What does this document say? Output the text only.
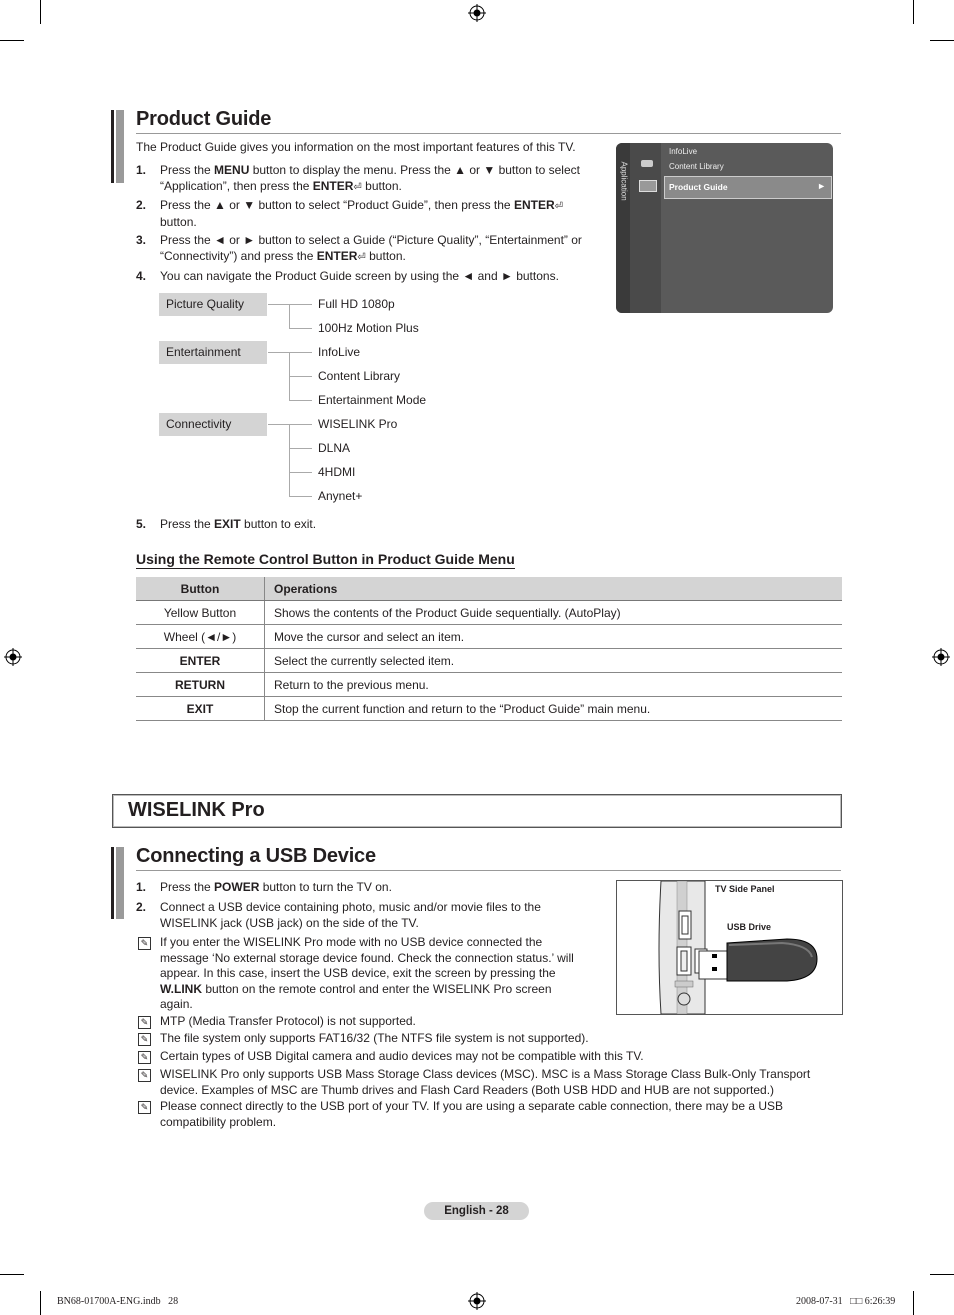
Product Guide
The Product Guide gives you information on the most important features of this TV.
1. Press the MENU button to display the menu. Press the ▲ or ▼ button to select “Application”, then press the ENTER⏎ button.
2. Press the ▲ or ▼ button to select “Product Guide”, then press the ENTER⏎ button.
3. Press the ◄ or ► button to select a Guide (“Picture Quality”, “Entertainment” or “Connectivity”) and press the ENTER⏎ button.
4. You can navigate the Product Guide screen by using the ◄ and ► buttons.
Application
InfoLive
Content Library
Product Guide	►
Picture Quality
Entertainment
Connectivity
Full HD 1080p
100Hz Motion Plus
InfoLive
Content Library
Entertainment Mode
WISELINK Pro
DLNA
4HDMI
Anynet+
5. Press the EXIT button to exit.
Using the Remote Control Button in Product Guide Menu
Button	Operations
Yellow Button	Shows the contents of the Product Guide sequentially. (AutoPlay)
Wheel (◄/►)	Move the cursor and select an item.
ENTER	Select the currently selected item.
RETURN	Return to the previous menu.
EXIT	Stop the current function and return to the “Product Guide” main menu.
WISELINK Pro
Connecting a USB Device
1. Press the POWER button to turn the TV on.
2. Connect a USB device containing photo, music and/or movie files to the WISELINK jack (USB jack) on the side of the TV.
✎ If you enter the WISELINK Pro mode with no USB device connected the message ‘No external storage device found. Check the connection status.’ will appear. In this case, insert the USB device, exit the screen by pressing the W.LINK button on the remote control and enter the WISELINK Pro screen again.
✎ MTP (Media Transfer Protocol) is not supported.
✎ The file system only supports FAT16/32 (The NTFS file system is not supported).
✎ Certain types of USB Digital camera and audio devices may not be compatible with this TV.
✎ WISELINK Pro only supports USB Mass Storage Class devices (MSC). MSC is a Mass Storage Class Bulk-Only Transport device. Examples of MSC are Thumb drives and Flash Card Readers (Both USB HDD and HUB are not supported.)
✎ Please connect directly to the USB port of your TV. If you are using a separate cable connection, there may be a USB compatibility problem.
TV Side Panel
USB Drive
English - 28
BN68-01700A-ENG.indb   28	2008-07-31   □□ 6:26:39
